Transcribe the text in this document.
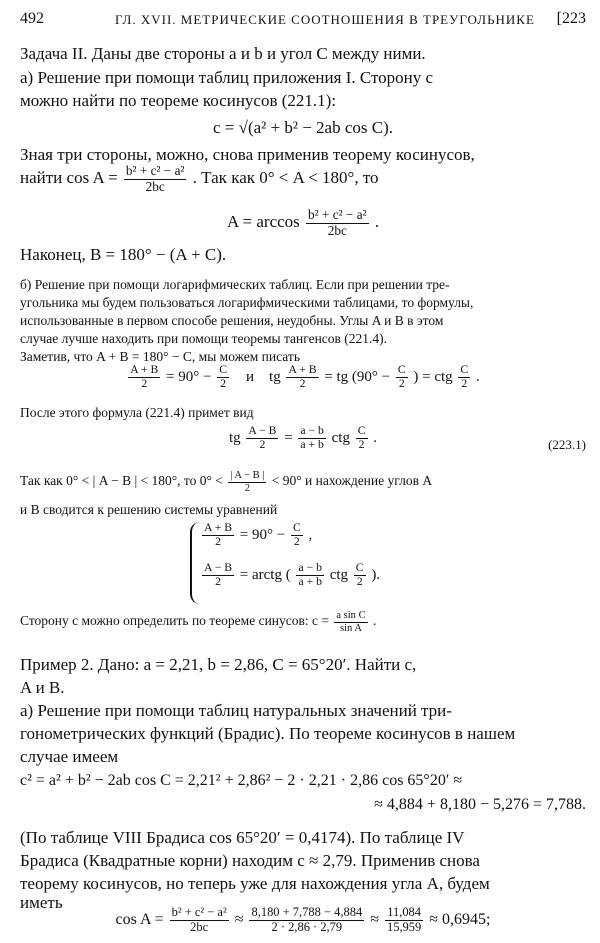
492	ГЛ. XVII. МЕТРИЧЕСКИЕ СООТНОШЕНИЯ В ТРЕУГОЛЬНИКЕ [223
Задача II. Даны две стороны a и b и угол C между ними.
а) Решение при помощи таблиц приложения I. Сторону c
можно найти по теореме косинусов (221.1):
c = √(a² + b² − 2ab cos C).
Зная три стороны, можно, снова применив теорему косинусов,
найти $\cos A = \frac{\text{b² + c² − a²}}{2bc}$ . Так как 0° < A < 180°, то
$A = \arccos \frac{\text{b² + c² − a²}}{2bc}$ .
Наконец, B = 180° − (A + C).
б) Решение при помощи логарифмических таблиц. Если при решении тре-
угольника мы будем пользоваться логарифмическими таблицами, то формулы,
использованные в первом способе решения, неудобны. Углы A и B в этом
случае лучше находить при помощи теоремы тангенсов (221.4).
Заметив, что A + B = 180° − C, мы можем писать
$\frac{A + B}{2} = 90^\circ - \frac{C}{2}$ и tg $\frac{A + B}{2}$ = tg ($90^\circ - \frac{C}{2}$ ) = ctg $\frac{C}{2}$ .
После этого формула (221.4) примет вид
tg $\frac{A - B}{2} = \frac{a - b}{a + b}$ ctg $\frac{C}{2}$ .	(223.1)
Так как 0° < | A − B | < 180°, то $0^\circ < \frac{| A - B |}{2} < 90^\circ$ и нахождение углов A
и B сводится к решению системы уравнений
$\frac{A + B}{2} = 90^\circ - \frac{C}{2}$ ,
$\frac{A - B}{2}$ = arctg ( $\frac{a - b}{a + b}$ ctg $\frac{C}{2}$ ).
Сторону c можно определить по теореме синусов: $c = \frac{\text{a sin C}}{\text{sin A}}$ .
Пример 2. Дано: a = 2,21, b = 2,86, C = 65°20′. Найти c,
A и B.
а) Решение при помощи таблиц натуральных значений три-
гонометрических функций (Брадис). По теореме косинусов в нашем
случае имеем
c² = a² + b² − 2ab cos C = 2,21² + 2,86² − 2 · 2,21 · 2,86 cos 65°20′ ≈
≈ 4,884 + 8,180 − 5,276 = 7,788.
(По таблице VIII Брадиса cos 65°20′ = 0,4174). По таблице IV
Брадиса (Квадратные корни) находим c ≈ 2,79. Применив снова
теорему косинусов, но теперь уже для нахождения угла A, будем
иметь
$\cos A = \frac{\text{b² + c² − a²}}{2bc} \approx \frac{8,180 + 7,788 - 4,884}{2 \cdot 2,86 \cdot 2,79} \approx \frac{11,084}{15,959} \approx 0,6945$;
